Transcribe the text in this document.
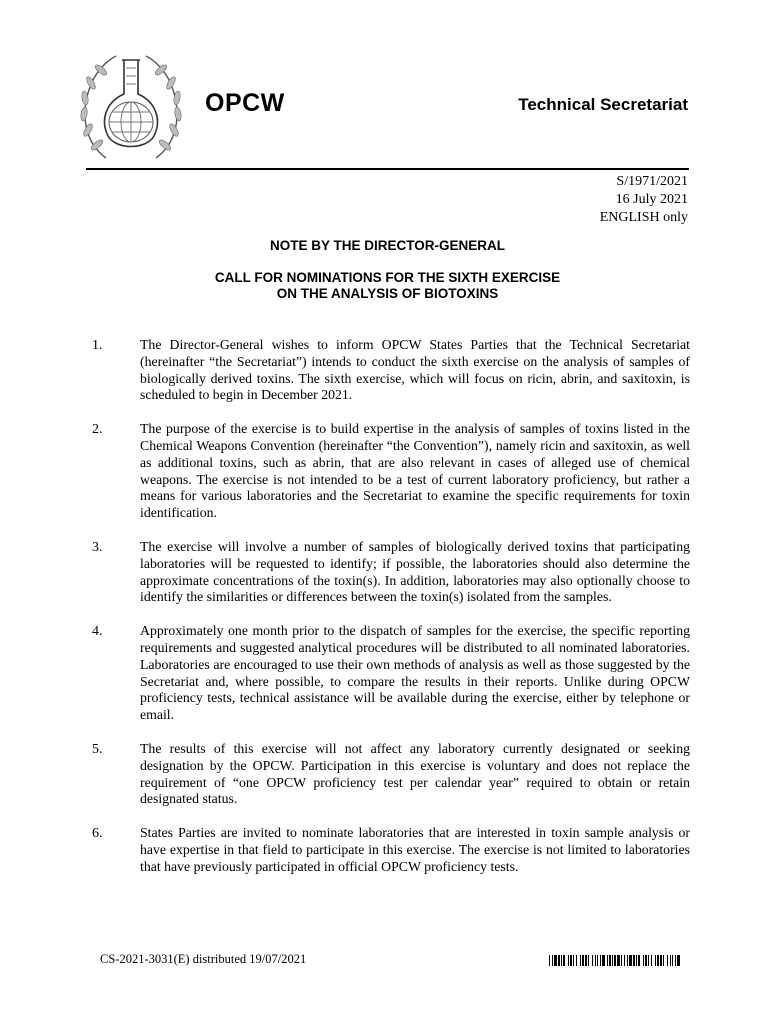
OPCW	Technical Secretariat
S/1971/2021
16 July 2021
ENGLISH only
NOTE BY THE DIRECTOR-GENERAL
CALL FOR NOMINATIONS FOR THE SIXTH EXERCISE
ON THE ANALYSIS OF BIOTOXINS
1.	The Director-General wishes to inform OPCW States Parties that the Technical Secretariat (hereinafter “the Secretariat”) intends to conduct the sixth exercise on the analysis of samples of biologically derived toxins. The sixth exercise, which will focus on ricin, abrin, and saxitoxin, is scheduled to begin in December 2021.
2.	The purpose of the exercise is to build expertise in the analysis of samples of toxins listed in the Chemical Weapons Convention (hereinafter “the Convention”), namely ricin and saxitoxin, as well as additional toxins, such as abrin, that are also relevant in cases of alleged use of chemical weapons. The exercise is not intended to be a test of current laboratory proficiency, but rather a means for various laboratories and the Secretariat to examine the specific requirements for toxin identification.
3.	The exercise will involve a number of samples of biologically derived toxins that participating laboratories will be requested to identify; if possible, the laboratories should also determine the approximate concentrations of the toxin(s). In addition, laboratories may also optionally choose to identify the similarities or differences between the toxin(s) isolated from the samples.
4.	Approximately one month prior to the dispatch of samples for the exercise, the specific reporting requirements and suggested analytical procedures will be distributed to all nominated laboratories. Laboratories are encouraged to use their own methods of analysis as well as those suggested by the Secretariat and, where possible, to compare the results in their reports. Unlike during OPCW proficiency tests, technical assistance will be available during the exercise, either by telephone or email.
5.	The results of this exercise will not affect any laboratory currently designated or seeking designation by the OPCW. Participation in this exercise is voluntary and does not replace the requirement of “one OPCW proficiency test per calendar year” required to obtain or retain designated status.
6.	States Parties are invited to nominate laboratories that are interested in toxin sample analysis or have expertise in that field to participate in this exercise. The exercise is not limited to laboratories that have previously participated in official OPCW proficiency tests.
CS-2021-3031(E) distributed 19/07/2021
